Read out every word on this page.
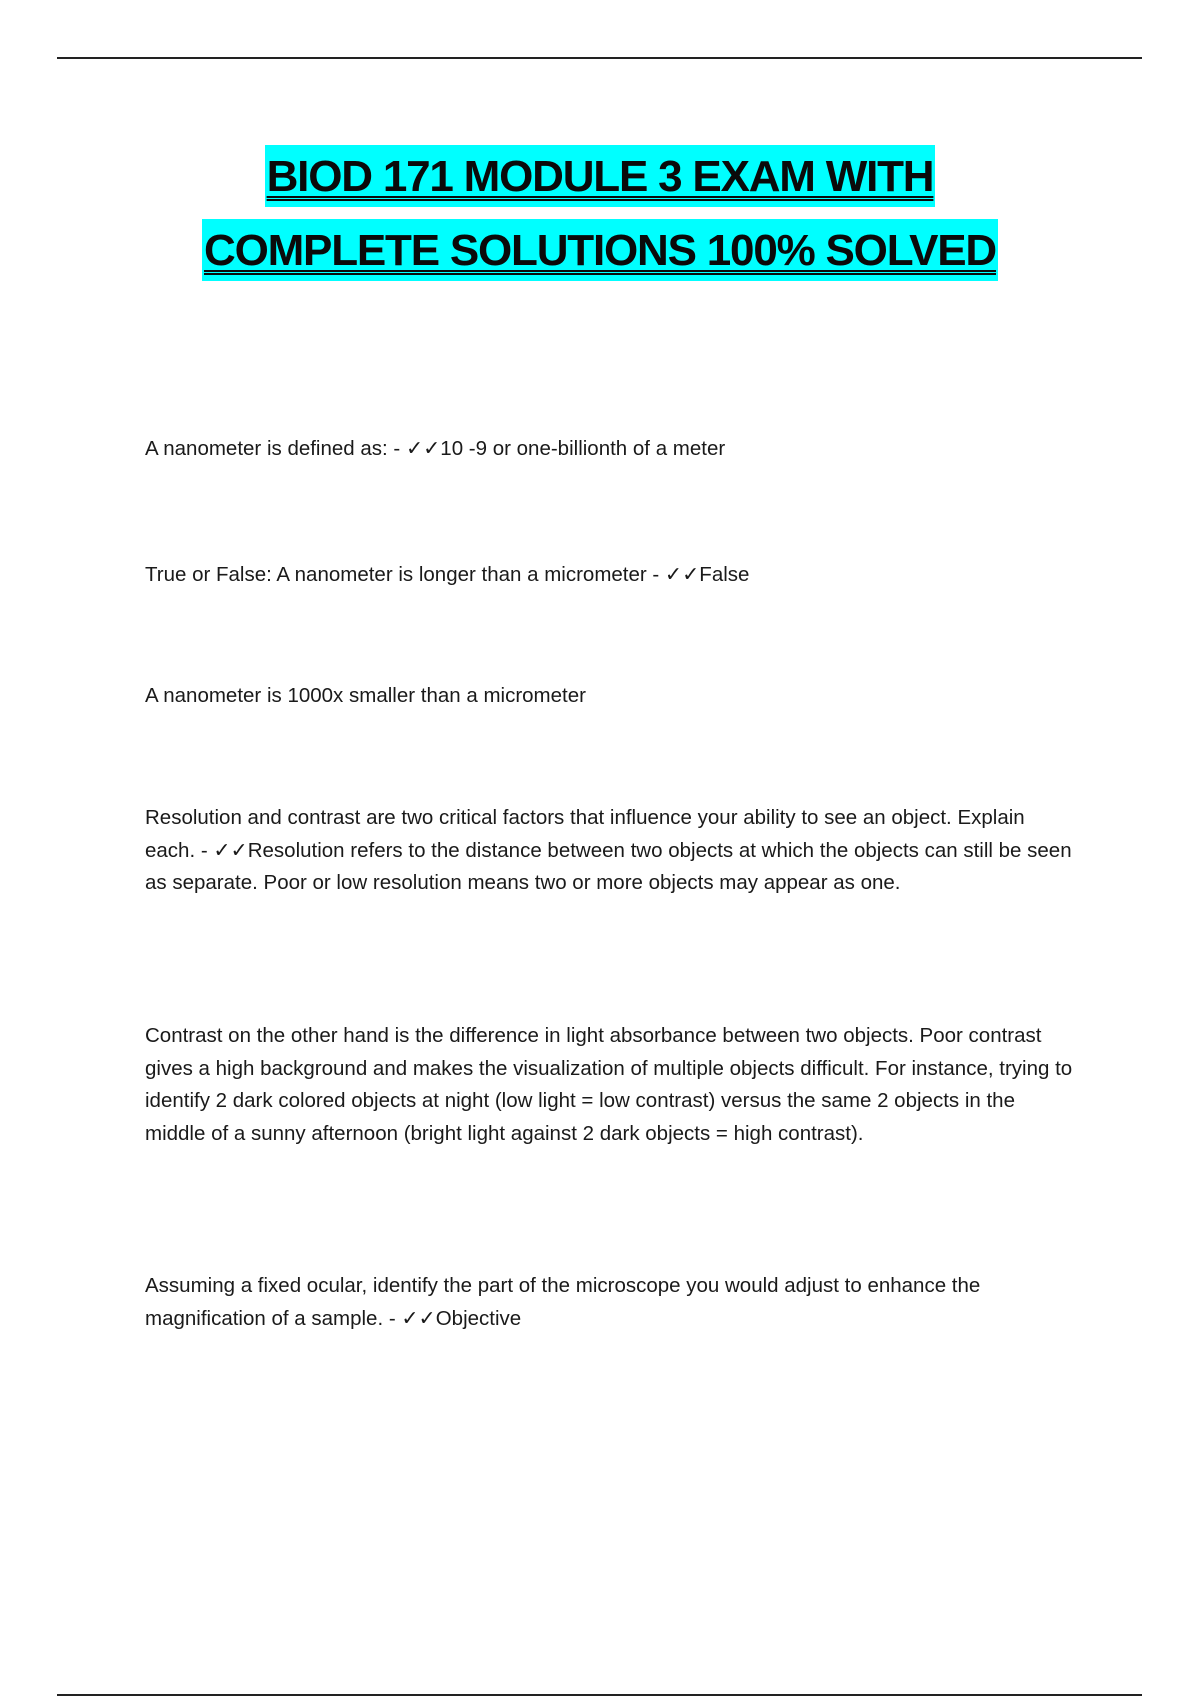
BIOD 171 MODULE 3 EXAM WITH
COMPLETE SOLUTIONS 100% SOLVED

A nanometer is defined as: - ✓✓10 -9 or one-billionth of a meter

True or False: A nanometer is longer than a micrometer - ✓✓False

A nanometer is 1000x smaller than a micrometer

Resolution and contrast are two critical factors that influence your ability to see an object. Explain each. - ✓✓Resolution refers to the distance between two objects at which the objects can still be seen as separate. Poor or low resolution means two or more objects may appear as one.

Contrast on the other hand is the difference in light absorbance between two objects. Poor contrast gives a high background and makes the visualization of multiple objects difficult. For instance, trying to identify 2 dark colored objects at night (low light = low contrast) versus the same 2 objects in the middle of a sunny afternoon (bright light against 2 dark objects = high contrast).

Assuming a fixed ocular, identify the part of the microscope you would adjust to enhance the magnification of a sample. - ✓✓Objective
